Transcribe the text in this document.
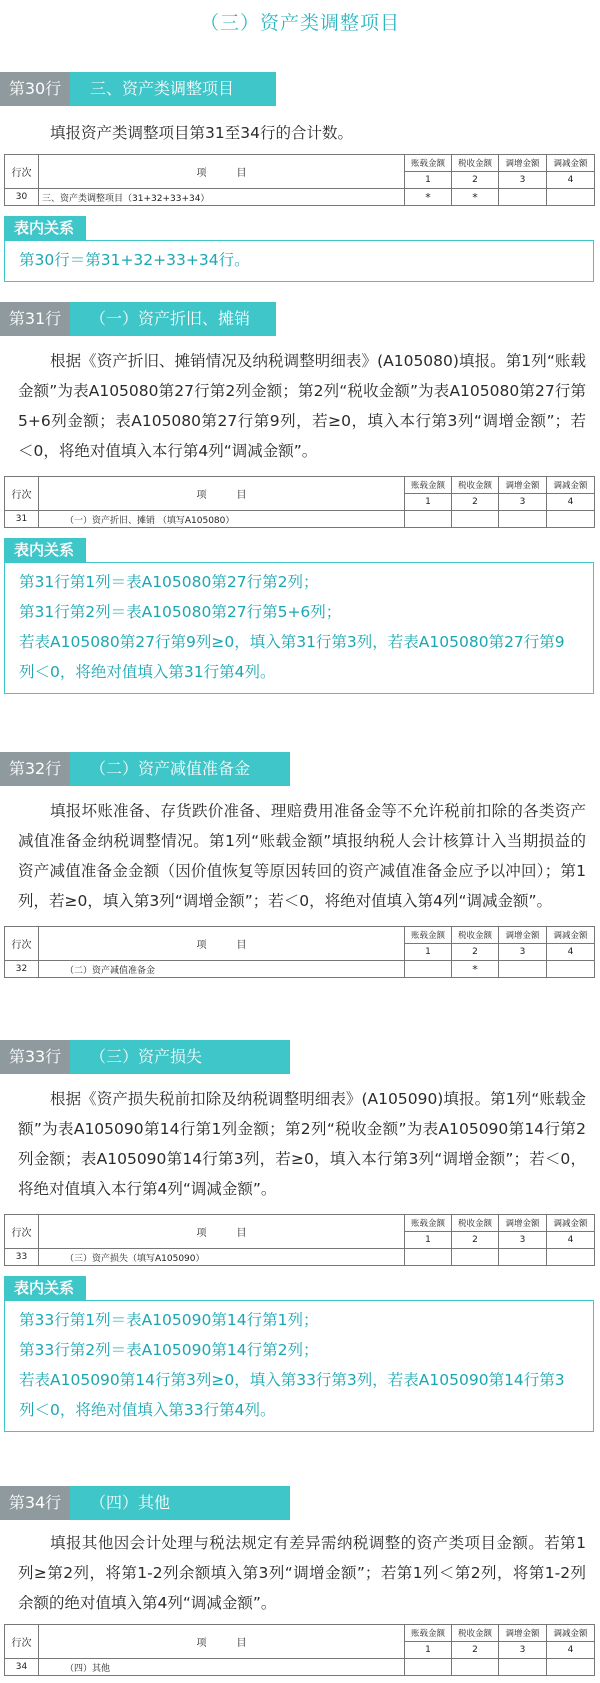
（三）资产类调整项目
第30行	三、资产类调整项目

填报资产类调整项目第31至34行的合计数。

行次	项　　　目	账载金额	税收金额	调增金额	调减金额
		1	2	3	4
30	三、资产类调整项目（31+32+33+34）	*	*		
表内关系
第30行＝第31+32+33+34行。
第31行	（一）资产折旧、摊销

根据《资产折旧、摊销情况及纳税调整明细表》(A105080)填报。第1列“账载金额”为表A105080第27行第2列金额；第2列“税收金额”为表A105080第27行第5+6列金额；表A105080第27行第9列，若≥0，填入本行第3列“调增金额”；若＜0，将绝对值填入本行第4列“调减金额”。

行次	项　　　目	账载金额	税收金额	调增金额	调减金额
		1	2	3	4
31	（一）资产折旧、摊销 （填写A105080）				
表内关系
第31行第1列＝表A105080第27行第2列；
第31行第2列＝表A105080第27行第5+6列；
若表A105080第27行第9列≥0，填入第31行第3列，若表A105080第27行第9列＜0，将绝对值填入第31行第4列。
第32行	（二）资产减值准备金

填报坏账准备、存货跌价准备、理赔费用准备金等不允许税前扣除的各类资产减值准备金纳税调整情况。第1列“账载金额”填报纳税人会计核算计入当期损益的资产减值准备金金额（因价值恢复等原因转回的资产减值准备金应予以冲回）；第1列，若≥0，填入第3列“调增金额”；若＜0，将绝对值填入第4列“调减金额”。

行次	项　　　目	账载金额	税收金额	调增金额	调减金额
		1	2	3	4
32	（二）资产减值准备金		*		
第33行	（三）资产损失

根据《资产损失税前扣除及纳税调整明细表》(A105090)填报。第1列“账载金额”为表A105090第14行第1列金额；第2列“税收金额”为表A105090第14行第2列金额；表A105090第14行第3列，若≥0，填入本行第3列“调增金额”；若＜0，将绝对值填入本行第4列“调减金额”。

行次	项　　　目	账载金额	税收金额	调增金额	调减金额
		1	2	3	4
33	（三）资产损失（填写A105090）				
表内关系
第33行第1列＝表A105090第14行第1列；
第33行第2列＝表A105090第14行第2列；
若表A105090第14行第3列≥0，填入第33行第3列，若表A105090第14行第3列＜0，将绝对值填入第33行第4列。
第34行	（四）其他

填报其他因会计处理与税法规定有差异需纳税调整的资产类项目金额。若第1列≥第2列，将第1-2列余额填入第3列“调增金额”；若第1列＜第2列，将第1-2列余额的绝对值填入第4列“调减金额”。

行次	项　　　目	账载金额	税收金额	调增金额	调减金额
		1	2	3	4
34	（四）其他				
